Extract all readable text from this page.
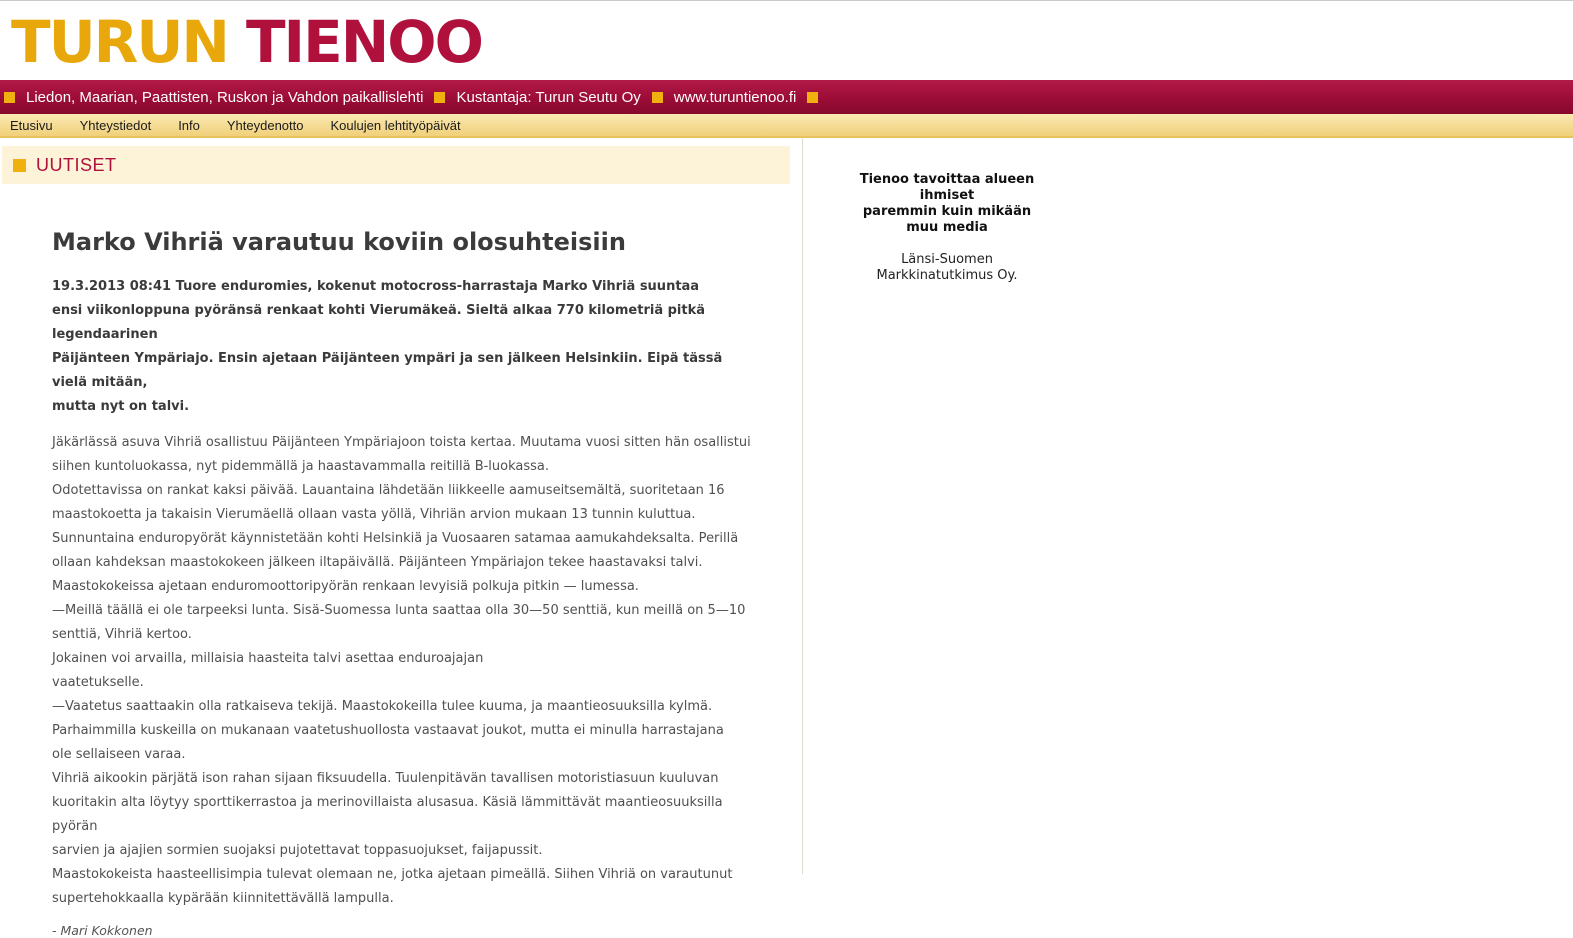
TURUN TIENOO
Liedon, Maarian, Paattisten, Ruskon ja Vahdon paikallislehti Kustantaja: Turun Seutu Oy www.turuntienoo.fi
Etusivu Yhteystiedot Info Yhteydenotto Koulujen lehtityöpäivät
UUTISET
Marko Vihriä varautuu koviin olosuhteisiin
19.3.2013 08:41 Tuore enduromies, kokenut motocross-harrastaja Marko Vihriä suuntaa
ensi viikonloppuna pyöränsä renkaat kohti Vierumäkeä. Sieltä alkaa 770 kilometriä pitkä legendaarinen
Päijänteen Ympäriajo. Ensin ajetaan Päijänteen ympäri ja sen jälkeen Helsinkiin. Eipä tässä vielä mitään,
mutta nyt on talvi.
Jäkärlässä asuva Vihriä osallistuu Päijänteen Ympäriajoon toista kertaa. Muutama vuosi sitten hän osallistui
siihen kuntoluokassa, nyt pidemmällä ja haastavammalla reitillä B-luokassa.
Odotettavissa on rankat kaksi päivää. Lauantaina lähdetään liikkeelle aamuseitsemältä, suoritetaan 16
maastokoetta ja takaisin Vierumäellä ollaan vasta yöllä, Vihriän arvion mukaan 13 tunnin kuluttua.
Sunnuntaina enduropyörät käynnistetään kohti Helsinkiä ja Vuosaaren satamaa aamukahdeksalta. Perillä
ollaan kahdeksan maastokokeen jälkeen iltapäivällä. Päijänteen Ympäriajon tekee haastavaksi talvi.
Maastokokeissa ajetaan enduromoottoripyörän renkaan levyisiä polkuja pitkin — lumessa.
—Meillä täällä ei ole tarpeeksi lunta. Sisä-Suomessa lunta saattaa olla 30—50 senttiä, kun meillä on 5—10
senttiä, Vihriä kertoo.
Jokainen voi arvailla, millaisia haasteita talvi asettaa enduroajajan
vaatetukselle.
—Vaatetus saattaakin olla ratkaiseva tekijä. Maastokokeilla tulee kuuma, ja maantieosuuksilla kylmä.
Parhaimmilla kuskeilla on mukanaan vaatetushuollosta vastaavat joukot, mutta ei minulla harrastajana
ole sellaiseen varaa.
Vihriä aikookin pärjätä ison rahan sijaan fiksuudella. Tuulenpitävän tavallisen motoristiasuun kuuluvan
kuoritakin alta löytyy sporttikerrastoa ja merinovillaista alusasua. Käsiä lämmittävät maantieosuuksilla pyörän
sarvien ja ajajien sormien suojaksi pujotettavat toppasuojukset, faijapussit.
Maastokokeista haasteellisimpia tulevat olemaan ne, jotka ajetaan pimeällä. Siihen Vihriä on varautunut
supertehokkaalla kypärään kiinnitettävällä lampulla.
- Mari Kokkonen
Tienoo tavoittaa alueen
ihmiset
paremmin kuin mikään
muu media
Länsi-Suomen
Markkinatutkimus Oy.
